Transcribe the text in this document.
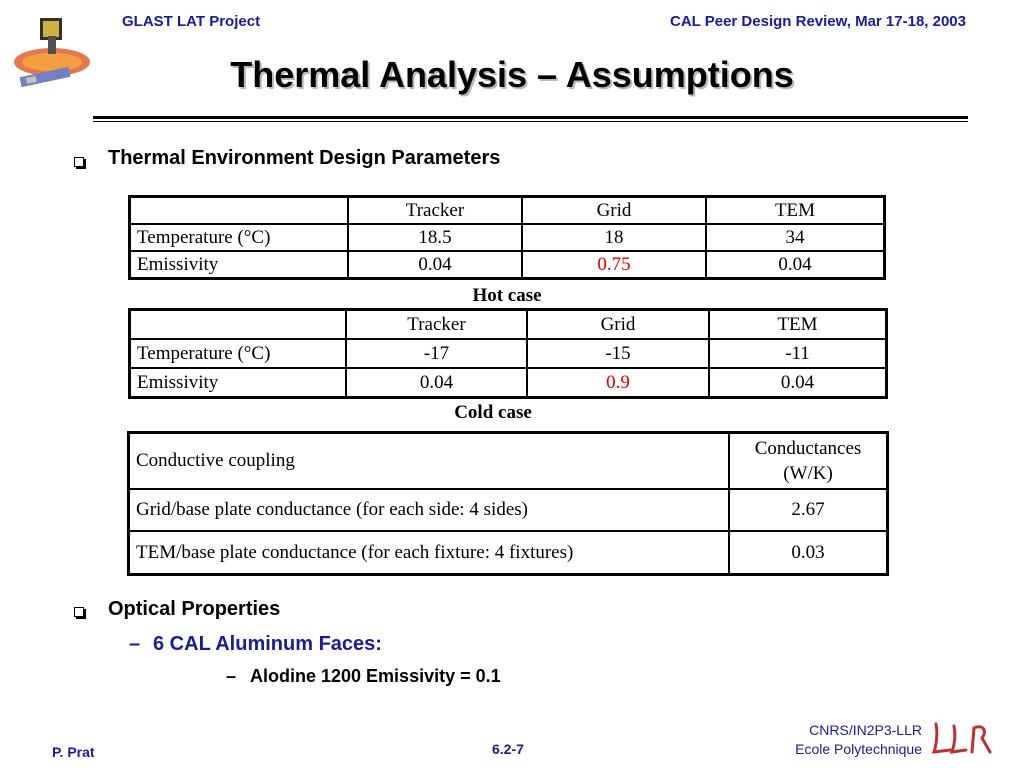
GLAST LAT Project	CAL Peer Design Review, Mar 17-18, 2003
Thermal Analysis – Assumptions
Thermal Environment Design Parameters
	Tracker	Grid	TEM
Temperature (°C)	18.5	18	34
Emissivity	0.04	0.75	0.04
Hot case
	Tracker	Grid	TEM
Temperature (°C)	-17	-15	-11
Emissivity	0.04	0.9	0.04
Cold case
Conductive coupling	Conductances
(W/K)
Grid/base plate conductance (for each side: 4 sides)	2.67
TEM/base plate conductance (for each fixture: 4 fixtures)	0.03
Optical Properties
– 6 CAL Aluminum Faces:
– Alodine 1200 Emissivity = 0.1
P. Prat	6.2-7
CNRS/IN2P3-LLR
Ecole Polytechnique
